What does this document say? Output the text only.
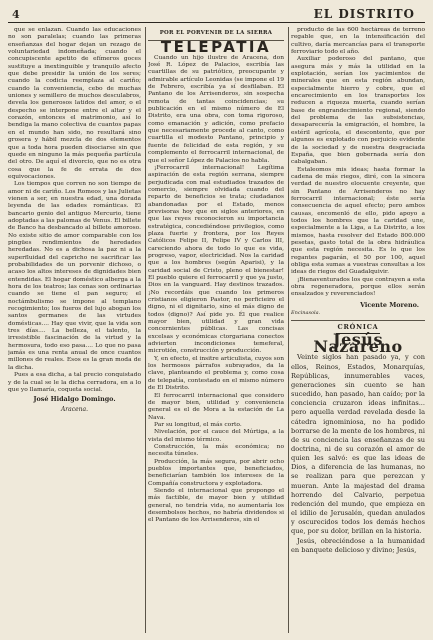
4	EL DISTRITO

que se enlazan. Cuando las educaciones no son paralelas; cuando las primeras enseñanzas del hogar dejan un rezago de voluntariedad indomeñada; cuando el concupiscente apetito de efímeros goces sustituye a inextinguible y tranquilo afecto que debe presidir la unión de los seres; cuando la codicia reemplaza al cariño; cuando la conveniencia, cebo de muchas uniones y semillero de muchos desculabros, devela los generosos latidos del amor, o el despecho se interpone entre el altar y el corazón, entonces el matrimonio, así lo bendiga la mano colectiva de cuantos papas en el mundo han sido, no resultará sino grosera y hábil mezcla de dos elementos que a toda hora pueden disociarse sin que quede en ninguno la más pequeña partícula del otro. De aquí el divorcio, que no es otra cosa que la fe de errata de dos equivocaciones.

Los tiempos que corren no son tiempo de amor ni de cariño. Los Romeos y las Julietas vienen a ser, en nuestra edad, una dorada leyenda de las edades románticas. El bancario genio del antiguo Mercurio, tiene adoptadas a las palomas de Venus. El billete de Banco ha desbancado al billete amoroso. No existe sitio de amor comparable con los pingües rendimientos de heredades heredadas. No es a dichosa la paz ni a la superfluidad del capricho ne sacrificar las probabilidades de un porvenir dichoso, o acaso los altos intereses de dignidades bien entendidas. El hogar doméstico alberga a la hora de los teatros; las cenas son ordinarias cuando se tiene el pan seguro; el noctámbulismo se impone al templano recogimiento; los fueros del lujo abogan los santos germanes de las virtudes domésticas.... Hay que vivir, que la vida son tres días.... La belleza, el talento, la irresistible fascinación de la virtud y la hermosura, todo eso pasa.... Lo que no pasa jamás es una renta anual de once cuantos millones de reales. Esos es la gran moda de la dicha.

Pues a esa dicha, a tal precio conquistado y de la cual se le la dicha cerradora, en a lo que yo llamaría, coqueta social.

José Hidalgo Domingo.
Aracena.
POR EL PORVENIR DE LA SIERRA
TELEPATIA

Cuando un hijo ilustre de Aracena, don José R. López de Palacios, escribía las cuartillas de su patriótico, preocupante y admirable artículo Leonidas (se impone el 19 de Febrero, escribía ya sí desfilaban. El Pantano de los Arrisenderos, sin sospecha remota de tantas coincidencias; su publicación en el mismo número de El Distrito, era una obra, con toma rigoroso, como emanación y adición, como prefacio que necesariamente procede al canto, como cuartilla el modesto Pantano, principio y fuente de felicidad de esta región, y su complemento el ferrocarril internacional, de que el señor López de Palacios no habla.

¡Ferrocarril internacional! Legítima aspiración de esta región serrana, siempre perjudicada con mal estudiados trazados de comercio, siempre olvidada cuando del reparto de beneficios se trata; ciudadanos abandonadas por el Estado, menos previsoras hoy que en siglos anteriores, en que las reyes reconocieron su importancia estratégica, concediéndose privilegios, como plaza fuerte y frontera, por los Reyes Católicos Felipe II, Felipe IV y Carlos III, careciendo ahora de todo lo que es vida, progreso, vapor, electricidad. Nos la caridad que a los hombres (según Aparisi), y la caridad social de Cristo, pleno el bienestar! El pueblo quiere el ferrocarril y que ya justo, Dios en la vanguard. Hay destinos trazados. ¡No recordáis que cuando los primeros cristianos eligieron Pastor, no perficieiro el digno, ni el dignitario, sino el más digno de todos (digno)? Así pide yo. Él que realice mayor bien, utilidad y gran vida concernientes públicas. Las concisas excelsas y económicas ctorgariana conectos advierten incondiciones temeferal, microtión, construcción y producción.

Y, en efecto, el insitre articulista, cuyos son los hermosos párrafos subrayados, da la clave, planteando el problema y, como cosa de telepatía, contestado en el mismo número de El Distrito.

El ferrocarril internacional que considero de mayor bien, utilidad y conveniencia general es el de Mora a la estación de La Nava.

Par su longitud, el más corto.

Nivelación, por el cauce del Múrtiga, a la vista del mismo térmico.

Construcción, la más económica; no necesita túneles.

Producción, la más segura, por abrir ocho pueblos importantes que, beneficiados, beneficiarían también los intereses de la Compañía constructora y explotadora.

Siendo el internacional que propongo el más factible, de mayor bien y utilidad general, no tendría vida, no aumentaría los desembolsos hechos, no habría dividendos si el Pantano de los Arrisenderos, sin el

producto de las 600 hectáreas de terreno regable que, en la intensificación del cultivo, daría mercancías para el transporte ferroviario todo el año.

Auxiliar poderoso del pantano, que asegura más y más la utilidad en la explotación, serían los yacimientos de minerales que en esta región abundan, especialmente hierro y cobre, que el encarecimiento en los transportes los reducen a riqueza muerta, cuando serían base de engrandecimiento regional, siendo del problema de las subsistencias, desaparecería la emigración, el hombre, la estéril agrícola, el descontento, que por algunos es explotado con perjuicio evidente de la sociedad y de nuestra desgraciada España, que bien gobernada sería don cabalgaban.

Estaleomos mis ideas; hasta formar la cadena de más riegos, diré, con la sincera verdad de nuestro elocuente creyente, que sin Pantano de Arrisenderos no hay ferrocarril internacional; éste sería consecuencia de aquel efecto; pero ambos causas, encomenló de ello, pido apoyo a todos los hombres que la caridad une, especialmente a la Liga, a La Distrito, a los mismos, hasta resolver del Estado 800.000 pesetas, gasto total de la obra hidráulica que esta región necesita. Es lo que los regantes pagarán, el 50 por 100, aquel obliga esta sumas a vuestras consultas a los ideas de riegos del Guadalquivir.

¡Bienaventurados los que contrayen a esta obra regeneradora, porque ellos serán ensalzados y reverenciados!

Vicente Moreno.
Encinasola.
CRÓNICA
Jesús Nazareno

Veinte siglos han pasado ya, y con ellos, Reinos, Estados, Monarquías, Repúblicas, innumerables vaces, generaciones sin cuento se han sucedido, han pasado, han caído; por la conciencia cruzaron ideas infinitas... pero aquella verdad revelada desde la cátedra ignominiosa, no ha podido borrarse de la mente de los hombres, ni de su conciencia las enseñanzas de su doctrina, ni de su corazón el amor de quien les salvó: es que las ideas de Dios, a diferencia de las humanas, no se realizan para que perezcan y mueran. Ante la majestad del drama horrendo del Calvario, perpetua redención del mundo, que empieza en el idilio de Jerusalén, quedan anulados y oscurecidos todos los demás hechos que, por su dolor, brillan en la historia.

Jesús, obreciéndose a la humanidad en banquete delicioso y divino; Jesús,
